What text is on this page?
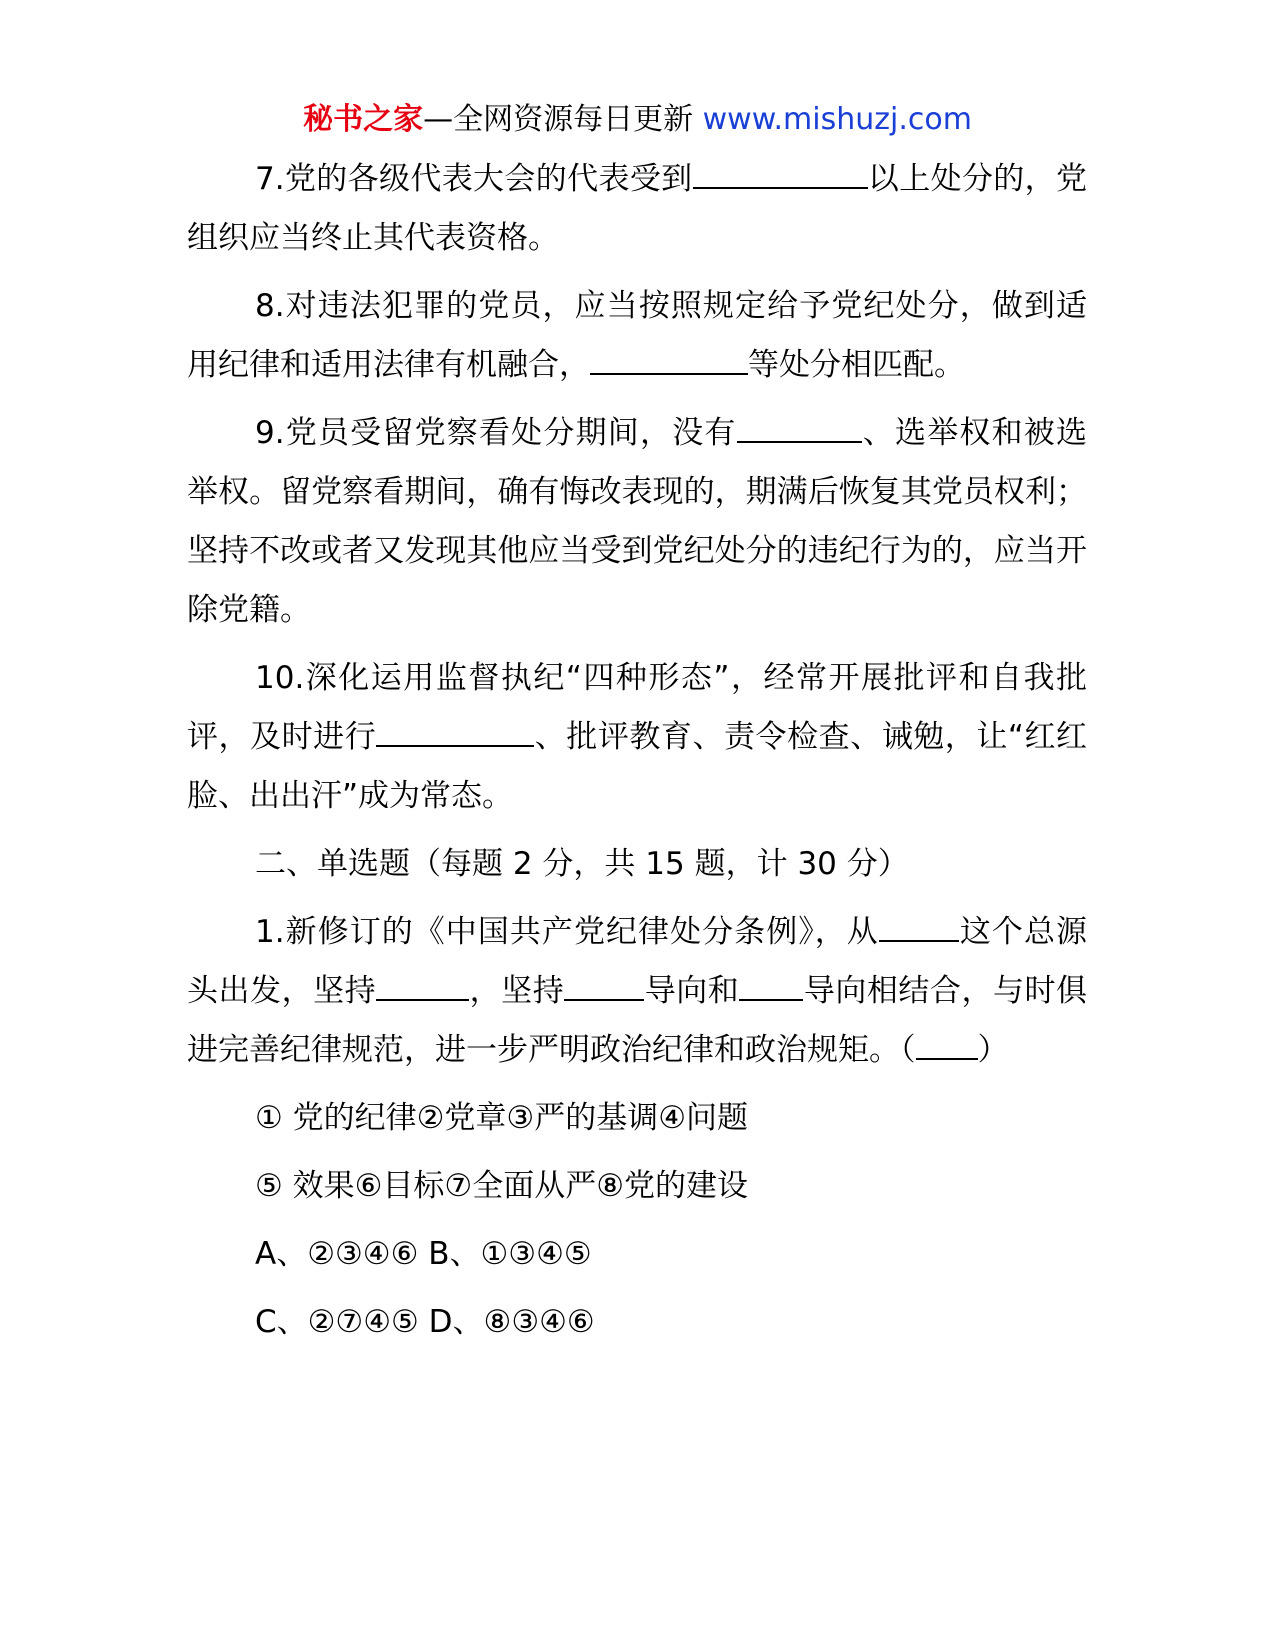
秘书之家—全网资源每日更新 www.mishuzj.com

7.党的各级代表大会的代表受到	以上处分的，党组织应当终止其代表资格。

8.对违法犯罪的党员，应当按照规定给予党纪处分，做到适用纪律和适用法律有机融合，	等处分相匹配。

9.党员受留党察看处分期间，没有	、选举权和被选举权。留党察看期间，确有悔改表现的，期满后恢复其党员权利；坚持不改或者又发现其他应当受到党纪处分的违纪行为的，应当开除党籍。

10.深化运用监督执纪“四种形态”，经常开展批评和自我批评，及时进行	、批评教育、责令检查、诫勉，让“红红脸、出出汗”成为常态。

二、单选题（每题 2 分，共 15 题，计 30 分）

1.新修订的《中国共产党纪律处分条例》，从	这个总源头出发，坚持	，坚持	导向和 导向相结合，与时俱进完善纪律规范，进一步严明政治纪律和政治规矩。（ ）

① 党的纪律②党章③严的基调④问题

⑤ 效果⑥目标⑦全面从严⑧党的建设

A、②③④⑥ B、①③④⑤

C、②⑦④⑤ D、⑧③④⑥
